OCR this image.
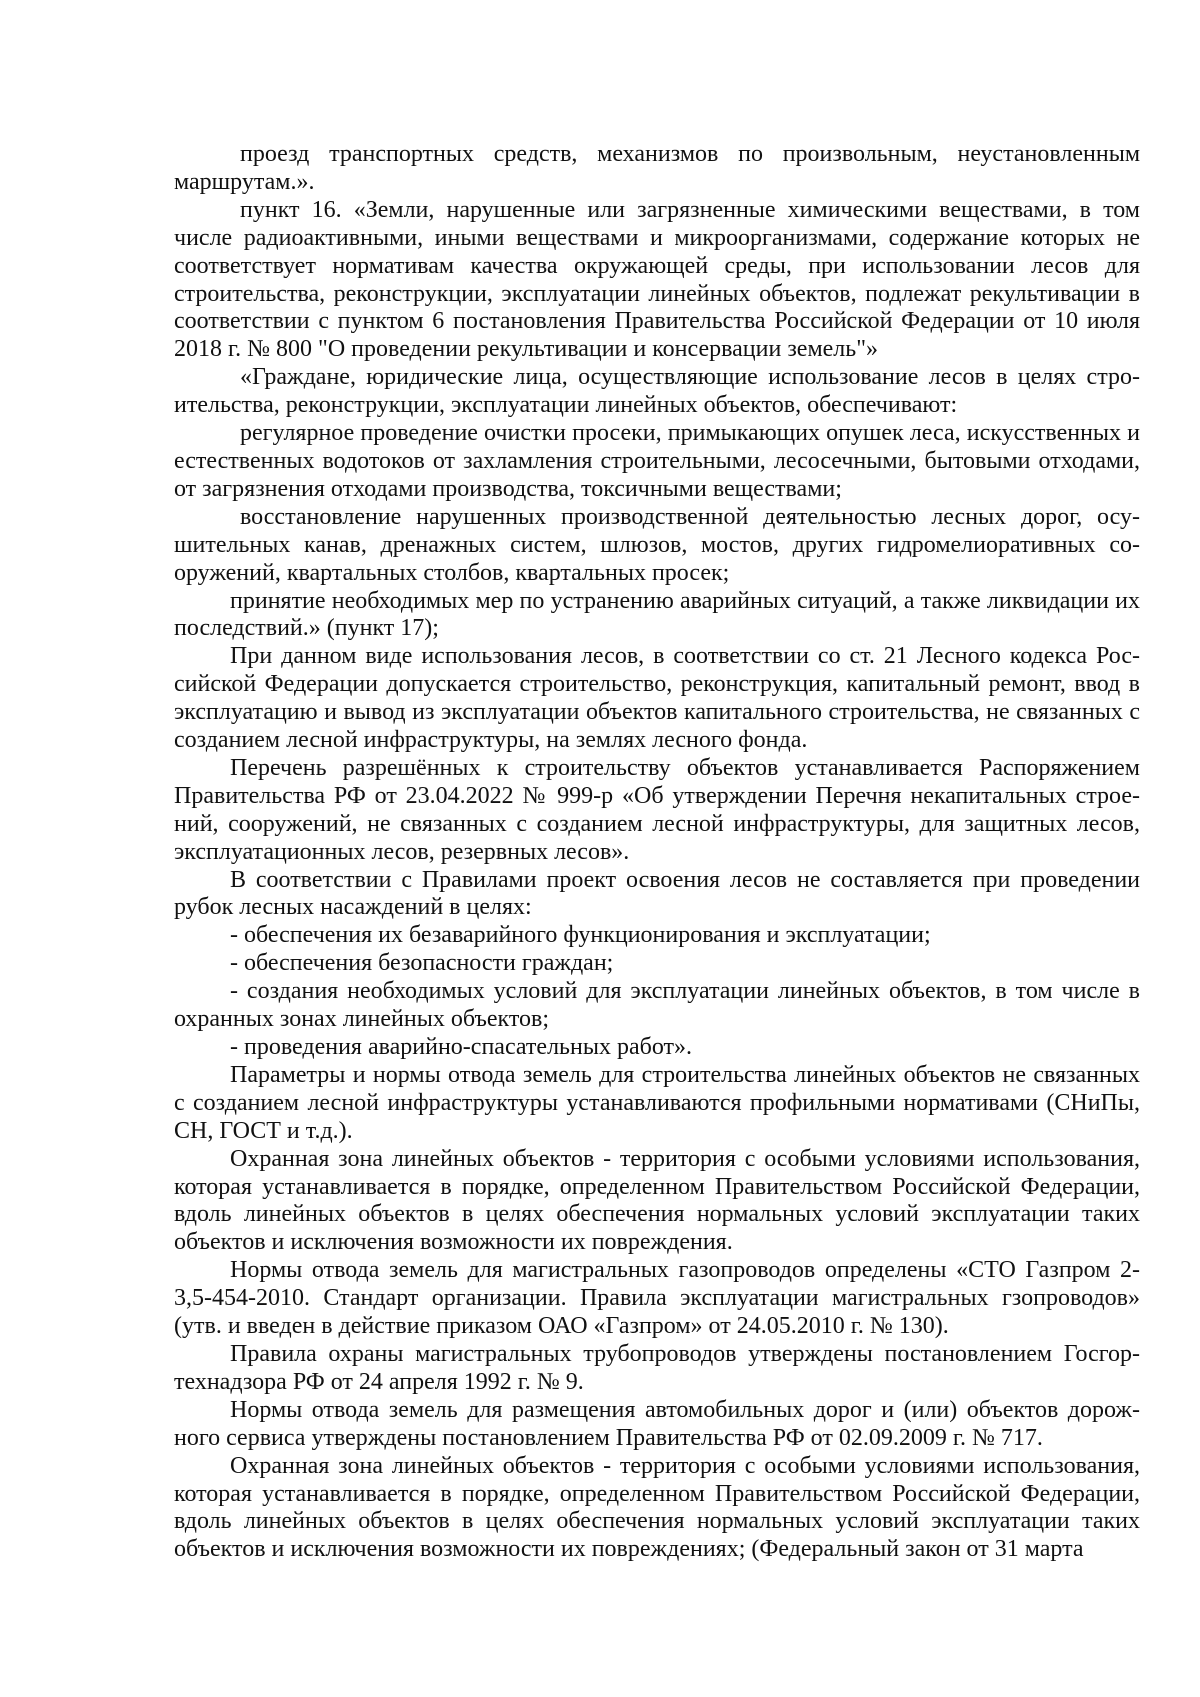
проезд транспортных средств, механизмов по произвольным, неустановленным маршрутам.».

пункт 16. «Земли, нарушенные или загрязненные химическими веществами, в том числе радиоактивными, иными веществами и микроорганизмами, содержание которых не соответствует нормативам качества окружающей среды, при использовании лесов для строительства, реконструкции, эксплуатации линейных объектов, подлежат рекультивации в соответствии с пунктом 6 постановления Правительства Российской Федерации от 10 июля 2018 г. № 800 "О проведении рекультивации и консервации земель"»

«Граждане, юридические лица, осуществляющие использование лесов в целях строительства, реконструкции, эксплуатации линейных объектов, обеспечивают:

регулярное проведение очистки просеки, примыкающих опушек леса, искусственных и естественных водотоков от захламления строительными, лесосечными, бытовыми отходами, от загрязнения отходами производства, токсичными веществами;

восстановление нарушенных производственной деятельностью лесных дорог, осушительных канав, дренажных систем, шлюзов, мостов, других гидромелиоративных сооружений, квартальных столбов, квартальных просек;

принятие необходимых мер по устранению аварийных ситуаций, а также ликвидации их последствий.» (пункт 17);

При данном виде использования лесов, в соответствии со ст. 21 Лесного кодекса Российской Федерации допускается строительство, реконструкция, капитальный ремонт, ввод в эксплуатацию и вывод из эксплуатации объектов капитального строительства, не связанных с созданием лесной инфраструктуры, на землях лесного фонда.

Перечень разрешённых к строительству объектов устанавливается Распоряжением Правительства РФ от 23.04.2022 № 999-р «Об утверждении Перечня некапитальных строений, сооружений, не связанных с созданием лесной инфраструктуры, для защитных лесов, эксплуатационных лесов, резервных лесов».

В соответствии с Правилами проект освоения лесов не составляется при проведении рубок лесных насаждений в целях:

- обеспечения их безаварийного функционирования и эксплуатации;

- обеспечения безопасности граждан;

- создания необходимых условий для эксплуатации линейных объектов, в том числе в охранных зонах линейных объектов;

- проведения аварийно-спасательных работ».

Параметры и нормы отвода земель для строительства линейных объектов не связанных с созданием лесной инфраструктуры устанавливаются профильными нормативами (СНиПы, СН, ГОСТ и т.д.).

Охранная зона линейных объектов - территория с особыми условиями использования, которая устанавливается в порядке, определенном Правительством Российской Федерации, вдоль линейных объектов в целях обеспечения нормальных условий эксплуатации таких объектов и исключения возможности их повреждения.

Нормы отвода земель для магистральных газопроводов определены «СТО Газпром 2-3,5-454-2010. Стандарт организации. Правила эксплуатации магистральных гзопроводов» (утв. и введен в действие приказом ОАО «Газпром» от 24.05.2010 г. № 130).

Правила охраны магистральных трубопроводов утверждены постановлением Госгортехнадзора РФ от 24 апреля 1992 г. № 9.

Нормы отвода земель для размещения автомобильных дорог и (или) объектов дорожного сервиса утверждены постановлением Правительства РФ от 02.09.2009 г. № 717.

Охранная зона линейных объектов - территория с особыми условиями использования, которая устанавливается в порядке, определенном Правительством Российской Федерации, вдоль линейных объектов в целях обеспечения нормальных условий эксплуатации таких объектов и исключения возможности их повреждениях; (Федеральный закон от 31 марта
